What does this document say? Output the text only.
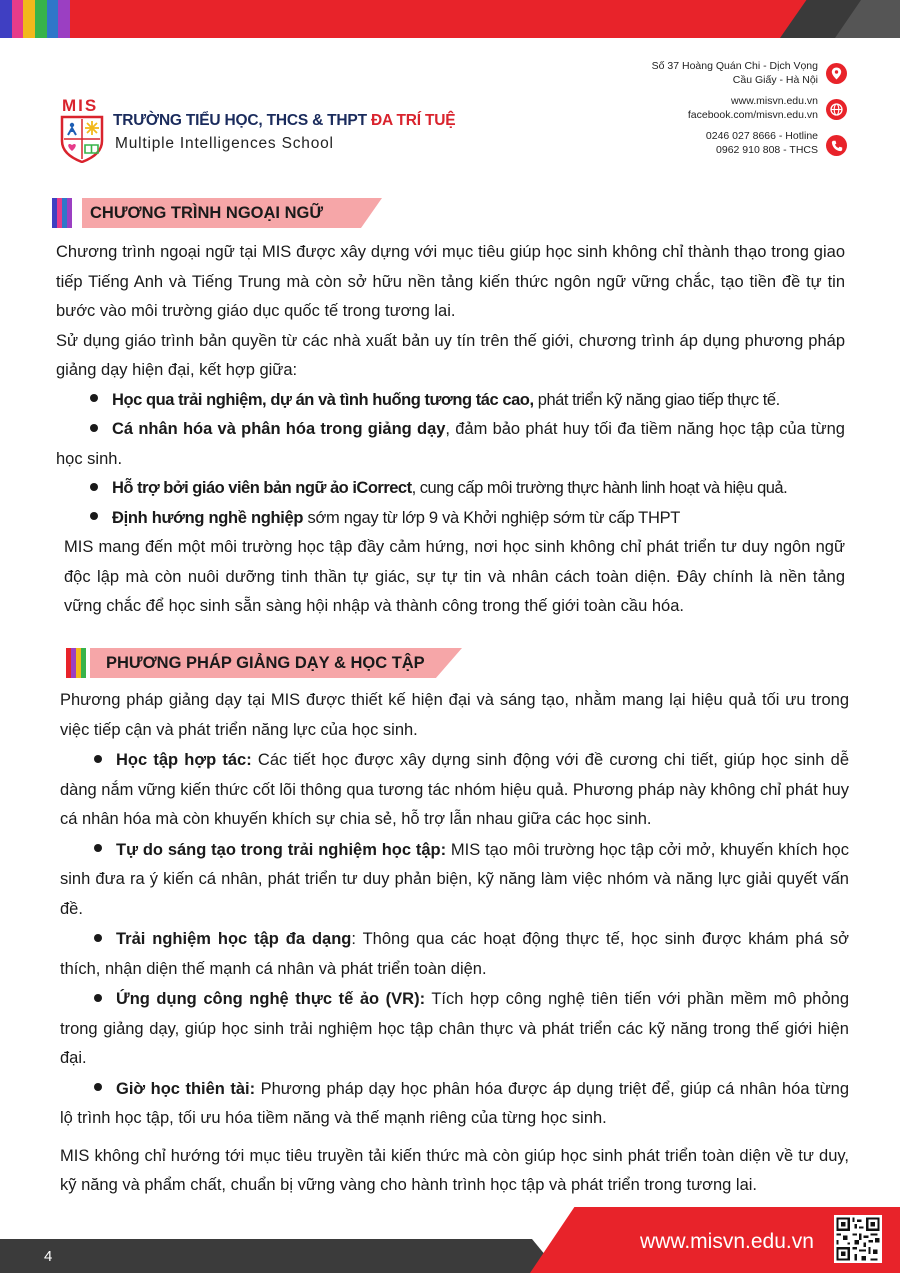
MIS
TRƯỜNG TIỂU HỌC, THCS & THPT ĐA TRÍ TUỆ
Multiple Intelligences School
Số 37 Hoàng Quán Chi - Dịch Vọng
Cầu Giấy - Hà Nội
www.misvn.edu.vn
facebook.com/misvn.edu.vn
0246 027 8666 - Hotline
0962 910 808 - THCS
CHƯƠNG TRÌNH NGOẠI NGỮ

Chương trình ngoại ngữ tại MIS được xây dựng với mục tiêu giúp học sinh không chỉ thành thạo trong giao tiếp Tiếng Anh và Tiếng Trung mà còn sở hữu nền tảng kiến thức ngôn ngữ vững chắc, tạo tiền đề tự tin bước vào môi trường giáo dục quốc tế trong tương lai.

Sử dụng giáo trình bản quyền từ các nhà xuất bản uy tín trên thế giới, chương trình áp dụng phương pháp giảng dạy hiện đại, kết hợp giữa:

Học qua trải nghiệm, dự án và tình huống tương tác cao, phát triển kỹ năng giao tiếp thực tế.

Cá nhân hóa và phân hóa trong giảng dạy, đảm bảo phát huy tối đa tiềm năng học tập của từng học sinh.

Hỗ trợ bởi giáo viên bản ngữ ảo iCorrect, cung cấp môi trường thực hành linh hoạt và hiệu quả.

Định hướng nghề nghiệp sớm ngay từ lớp 9 và Khởi nghiệp sớm từ cấp THPT

MIS mang đến một môi trường học tập đầy cảm hứng, nơi học sinh không chỉ phát triển tư duy ngôn ngữ độc lập mà còn nuôi dưỡng tinh thần tự giác, sự tự tin và nhân cách toàn diện. Đây chính là nền tảng vững chắc để học sinh sẵn sàng hội nhập và thành công trong thế giới toàn cầu hóa.

PHƯƠNG PHÁP GIẢNG DẠY & HỌC TẬP

Phương pháp giảng dạy tại MIS được thiết kế hiện đại và sáng tạo, nhằm mang lại hiệu quả tối ưu trong việc tiếp cận và phát triển năng lực của học sinh.

Học tập hợp tác: Các tiết học được xây dựng sinh động với đề cương chi tiết, giúp học sinh dễ dàng nắm vững kiến thức cốt lõi thông qua tương tác nhóm hiệu quả. Phương pháp này không chỉ phát huy cá nhân hóa mà còn khuyến khích sự chia sẻ, hỗ trợ lẫn nhau giữa các học sinh.

Tự do sáng tạo trong trải nghiệm học tập: MIS tạo môi trường học tập cởi mở, khuyến khích học sinh đưa ra ý kiến cá nhân, phát triển tư duy phản biện, kỹ năng làm việc nhóm và năng lực giải quyết vấn đề.

Trải nghiệm học tập đa dạng: Thông qua các hoạt động thực tế, học sinh được khám phá sở thích, nhận diện thế mạnh cá nhân và phát triển toàn diện.

Ứng dụng công nghệ thực tế ảo (VR): Tích hợp công nghệ tiên tiến với phần mềm mô phỏng trong giảng dạy, giúp học sinh trải nghiệm học tập chân thực và phát triển các kỹ năng trong thế giới hiện đại.

Giờ học thiên tài: Phương pháp dạy học phân hóa được áp dụng triệt để, giúp cá nhân hóa từng lộ trình học tập, tối ưu hóa tiềm năng và thế mạnh riêng của từng học sinh.

MIS không chỉ hướng tới mục tiêu truyền tải kiến thức mà còn giúp học sinh phát triển toàn diện về tư duy, kỹ năng và phẩm chất, chuẩn bị vững vàng cho hành trình học tập và phát triển trong tương lai.

4
www.misvn.edu.vn
